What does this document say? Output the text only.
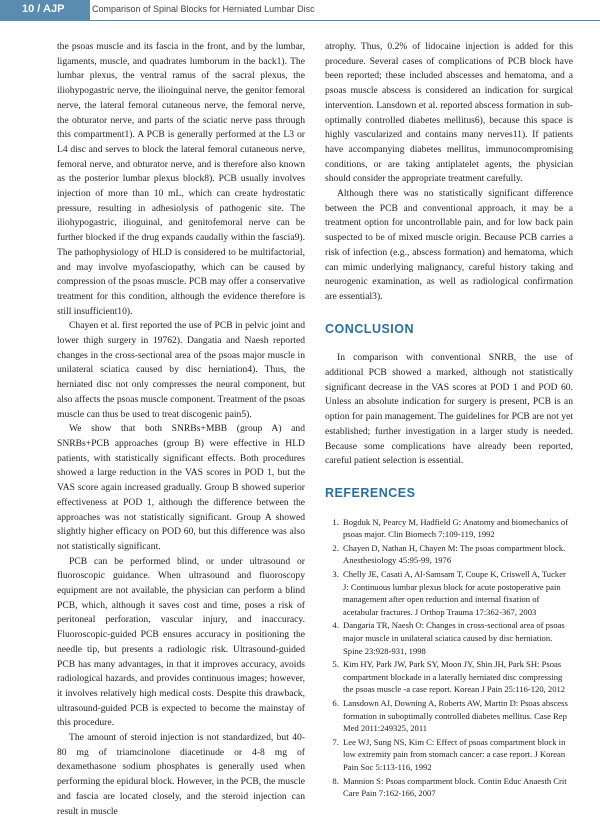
10 / AJP	Comparison of Spinal Blocks for Herniated Lumbar Disc

the psoas muscle and its fascia in the front, and by the lumbar, ligaments, muscle, and quadrates lumborum in the back1). The lumbar plexus, the ventral ramus of the sacral plexus, the iliohypogastric nerve, the ilioinguinal nerve, the genitor femoral nerve, the lateral femoral cutaneous nerve, the femoral nerve, the obturator nerve, and parts of the sciatic nerve pass through this compartment1). A PCB is generally performed at the L3 or L4 disc and serves to block the lateral femoral cutaneous nerve, femoral nerve, and obturator nerve, and is therefore also known as the posterior lumbar plexus block8). PCB usually involves injection of more than 10 mL, which can create hydrostatic pressure, resulting in adhesiolysis of pathogenic site. The iliohypogastric, ilioguinal, and genitofemoral nerve can be further blocked if the drug expands caudally within the fascia9). The pathophysiology of HLD is considered to be multifactorial, and may involve myofasciopathy, which can be caused by compression of the psoas muscle. PCB may offer a conservative treatment for this condition, although the evidence therefore is still insufficient10).

Chayen et al. first reported the use of PCB in pelvic joint and lower thigh surgery in 19762). Dangatia and Naesh reported changes in the cross-sectional area of the psoas major muscle in unilateral sciatica caused by disc herniation4). Thus, the herniated disc not only compresses the neural component, but also affects the psoas muscle component. Treatment of the psoas muscle can thus be used to treat discogenic pain5).

We show that both SNRBs+MBB (group A) and SNRBs+PCB approaches (group B) were effective in HLD patients, with statistically significant effects. Both procedures showed a large reduction in the VAS scores in POD 1, but the VAS score again increased gradually. Group B showed superior effectiveness at POD 1, although the difference between the approaches was not statistically significant. Group A showed slightly higher efficacy on POD 60, but this difference was also not statistically significant.

PCB can be performed blind, or under ultrasound or fluoroscopic guidance. When ultrasound and fluoroscopy equipment are not available, the physician can perform a blind PCB, which, although it saves cost and time, poses a risk of peritoneal perforation, vascular injury, and inaccuracy. Fluoroscopic-guided PCB ensures accuracy in positioning the needle tip, but presents a radiologic risk. Ultrasound-guided PCB has many advantages, in that it improves accuracy, avoids radiological hazards, and provides continuous images; however, it involves relatively high medical costs. Despite this drawback, ultrasound-guided PCB is expected to become the mainstay of this procedure.

The amount of steroid injection is not standardized, but 40-80 mg of triamcinolone diacetinude or 4-8 mg of dexamethasone sodium phosphates is generally used when performing the epidural block. However, in the PCB, the muscle and fascia are located closely, and the steroid injection can result in muscle

atrophy. Thus, 0.2% of lidocaine injection is added for this procedure. Several cases of complications of PCB block have been reported; these included abscesses and hematoma, and a psoas muscle abscess is considered an indication for surgical intervention. Lansdown et al. reported abscess formation in sub-optimally controlled diabetes mellitus6), because this space is highly vascularized and contains many nerves11). If patients have accompanying diabetes mellitus, immunocompromising conditions, or are taking antiplatelet agents, the physician should consider the appropriate treatment carefully.

Although there was no statistically significant difference between the PCB and conventional approach, it may be a treatment option for uncontrollable pain, and for low back pain suspected to be of mixed muscle origin. Because PCB carries a risk of infection (e.g., abscess formation) and hematoma, which can mimic underlying malignancy, careful history taking and neurogenic examination, as well as radiological confirmation are essential3).

CONCLUSION

In comparison with conventional SNRB, the use of additional PCB showed a marked, although not statistically significant decrease in the VAS scores at POD 1 and POD 60. Unless an absolute indication for surgery is present, PCB is an option for pain management. The guidelines for PCB are not yet established; further investigation in a larger study is needed. Because some complications have already been reported, careful patient selection is essential.

REFERENCES
1. Bogduk N, Pearcy M, Hadfield G: Anatomy and biomechanics of psoas major. Clin Biomech 7:109-119, 1992
2. Chayen D, Nathan H, Chayen M: The psoas compartment block. Anesthesiology 45:95-99, 1976
3. Chelly JE, Casati A, Al-Samsam T, Coupe K, Criswell A, Tucker J: Continuous lumbar plexus block for acute postoperative pain management after open reduction and internal fixation of acetabular fractures. J Orthop Trauma 17:362-367, 2003
4. Dangaria TR, Naesh O: Changes in cross-sectional area of psoas major muscle in unilateral sciatica caused by disc herniation. Spine 23:928-931, 1998
5. Kim HY, Park JW, Park SY, Moon JY, Shin JH, Park SH: Psoas compartment blockade in a laterally herniated disc compressing the psoas muscle -a case report. Korean J Pain 25:116-120, 2012
6. Lansdown AJ, Downing A, Roberts AW, Martin D: Psoas abscess formation in suboptimally controlled diabetes mellitus. Case Rep Med 2011:249325, 2011
7. Lee WJ, Sung NS, Kim C: Effect of psoas compartment block in low extremity pain from stomach cancer: a case report. J Korean Pain Soc 5:113-116, 1992
8. Mannion S: Psoas compartment block. Contin Educ Anaesth Crit Care Pain 7:162-166, 2007
